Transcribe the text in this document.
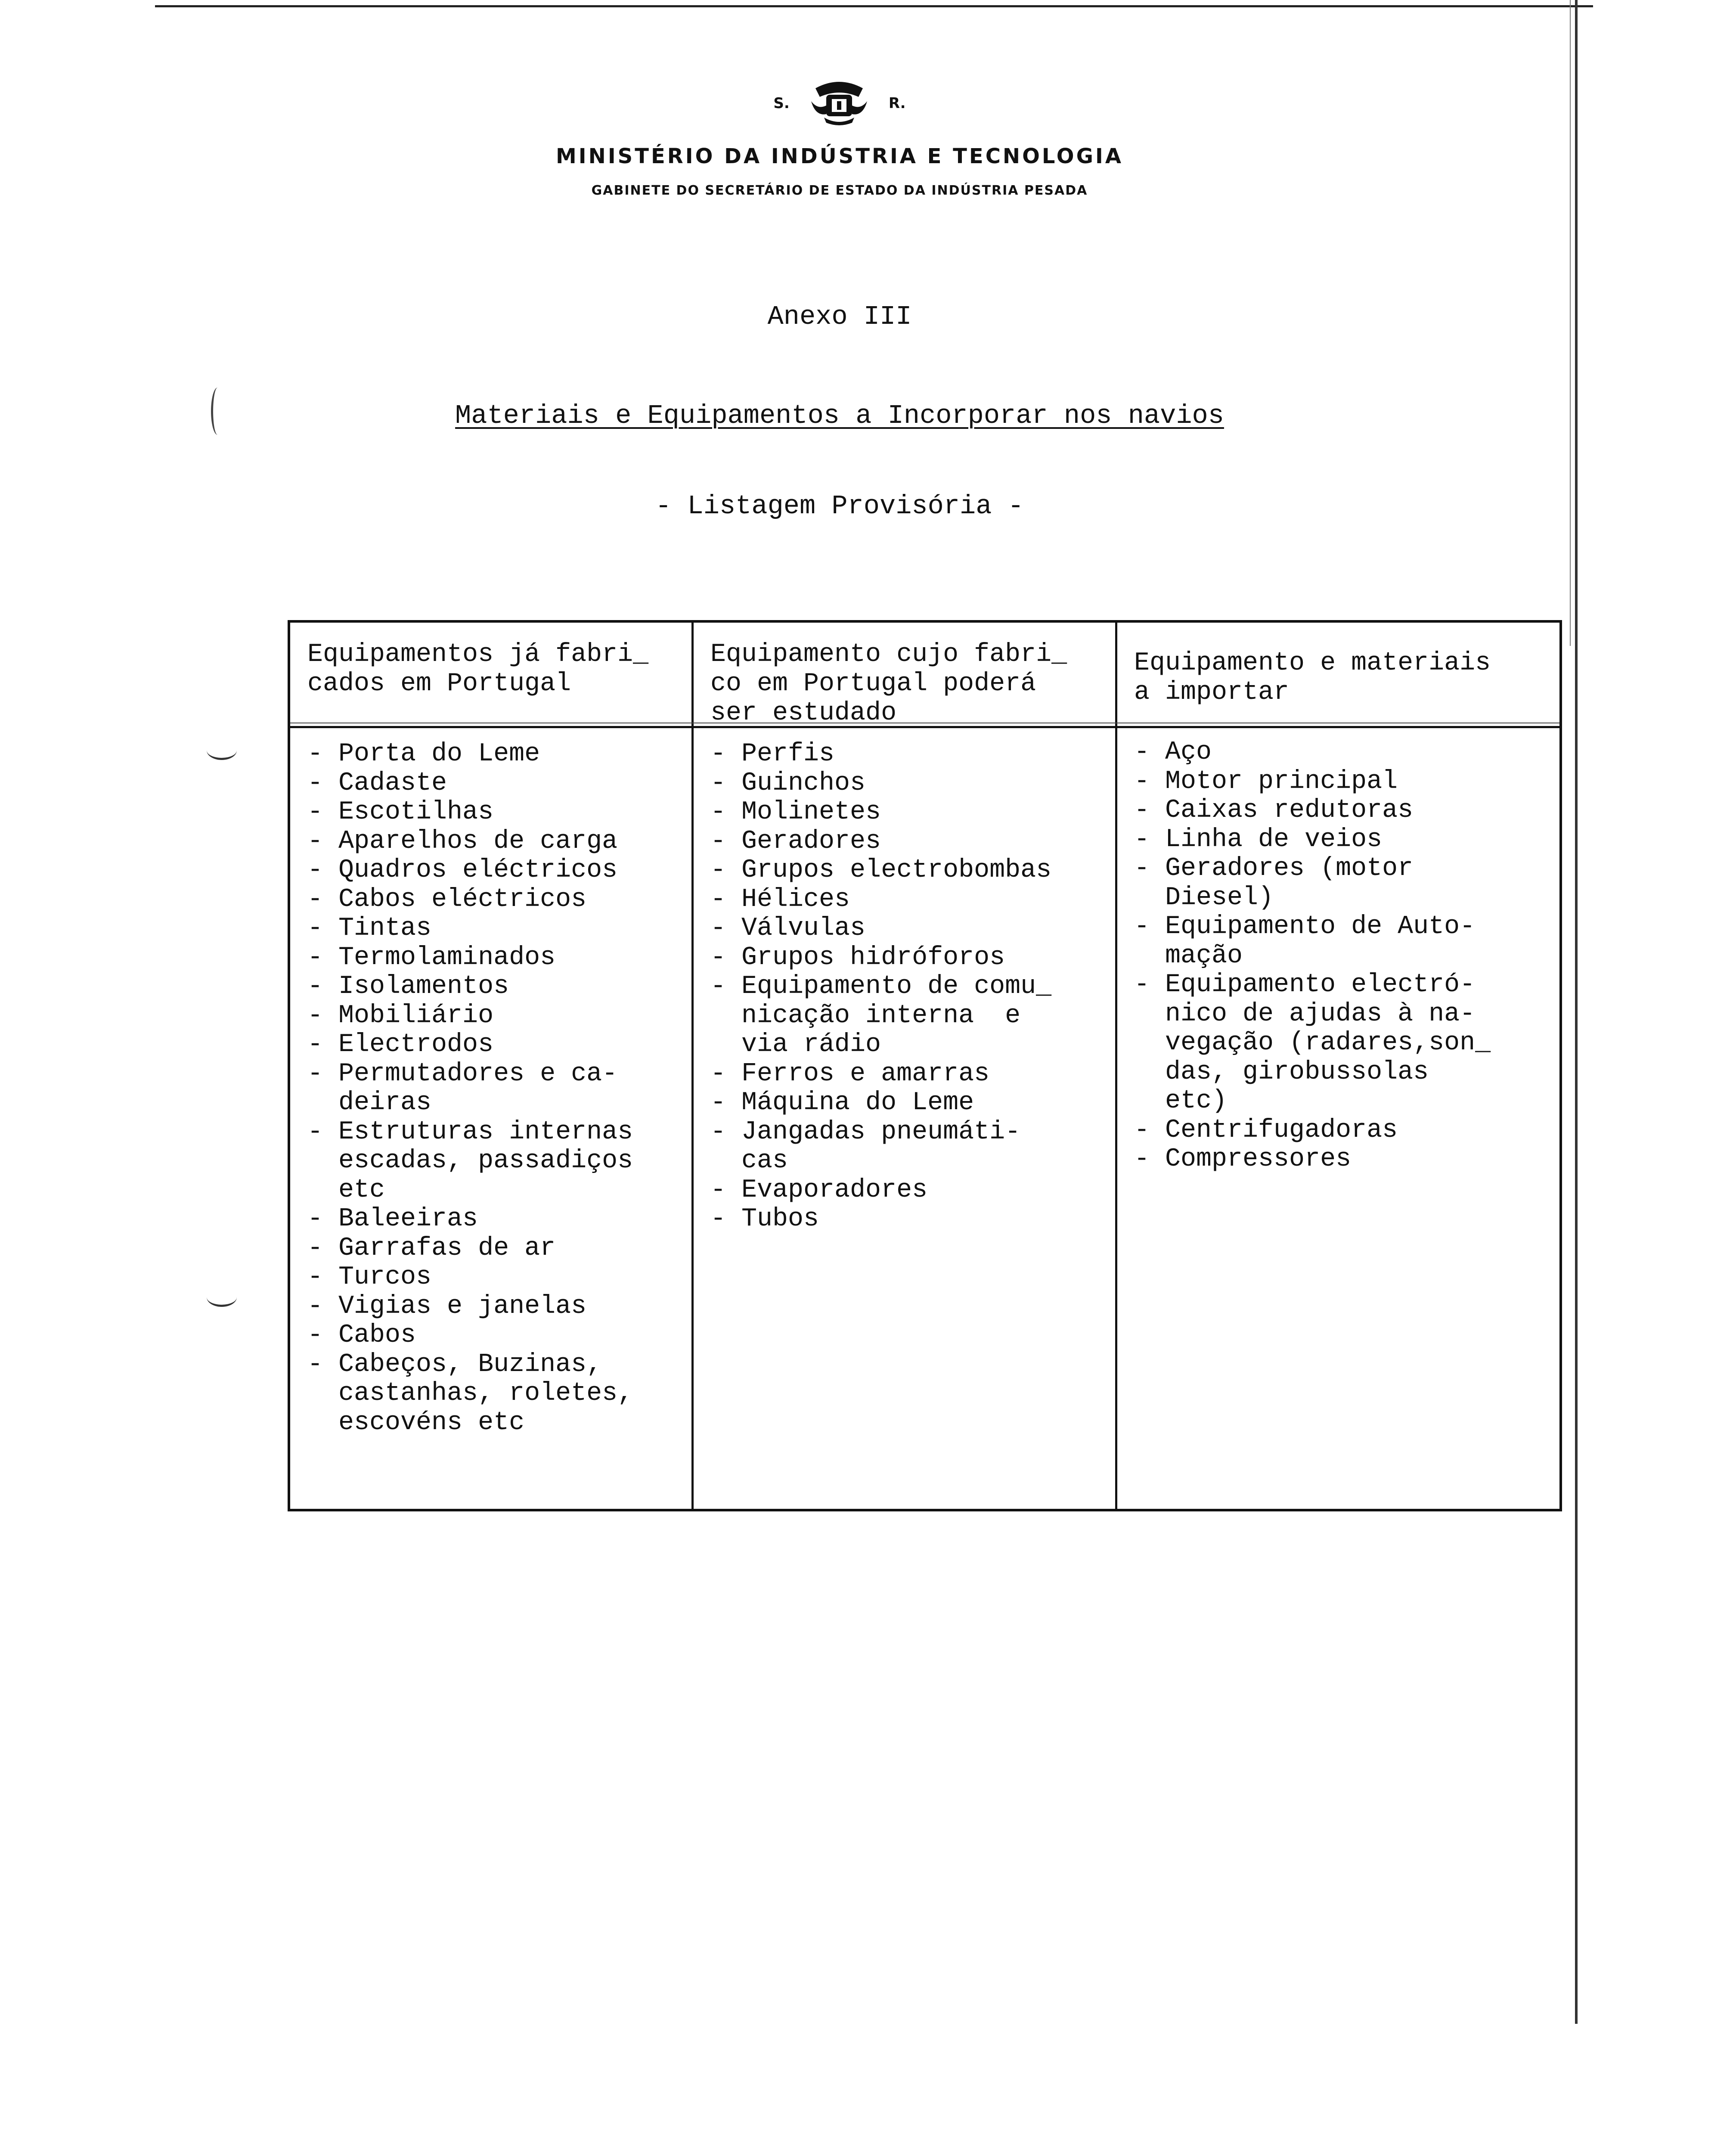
S.	R.
MINISTÉRIO DA INDÚSTRIA E TECNOLOGIA
GABINETE DO SECRETÁRIO DE ESTADO DA INDÚSTRIA PESADA
Anexo III
Materiais e Equipamentos a Incorporar nos navios
- Listagem Provisória -
Equipamentos já fabri_
cados em Portugal
Equipamento cujo fabri_
co em Portugal poderá
ser estudado
Equipamento e materiais
a importar
- Porta do Leme
- Cadaste
- Escotilhas
- Aparelhos de carga
- Quadros eléctricos
- Cabos eléctricos
- Tintas
- Termolaminados
- Isolamentos
- Mobiliário
- Electrodos
- Permutadores e ca-
deiras
- Estruturas internas
escadas, passadiços
etc
- Baleeiras
- Garrafas de ar
- Turcos
- Vigias e janelas
- Cabos
- Cabeços, Buzinas,
castanhas, roletes,
escovéns etc
- Perfis
- Guinchos
- Molinetes
- Geradores
- Grupos electrobombas
- Hélices
- Válvulas
- Grupos hidróforos
- Equipamento de comu_
nicação interna  e
via rádio
- Ferros e amarras
- Máquina do Leme
- Jangadas pneumáti-
cas
- Evaporadores
- Tubos
- Aço
- Motor principal
- Caixas redutoras
- Linha de veios
- Geradores (motor
Diesel)
- Equipamento de Auto-
mação
- Equipamento electró-
nico de ajudas à na-
vegação (radares,son_
das, girobussolas
etc)
- Centrifugadoras
- Compressores
